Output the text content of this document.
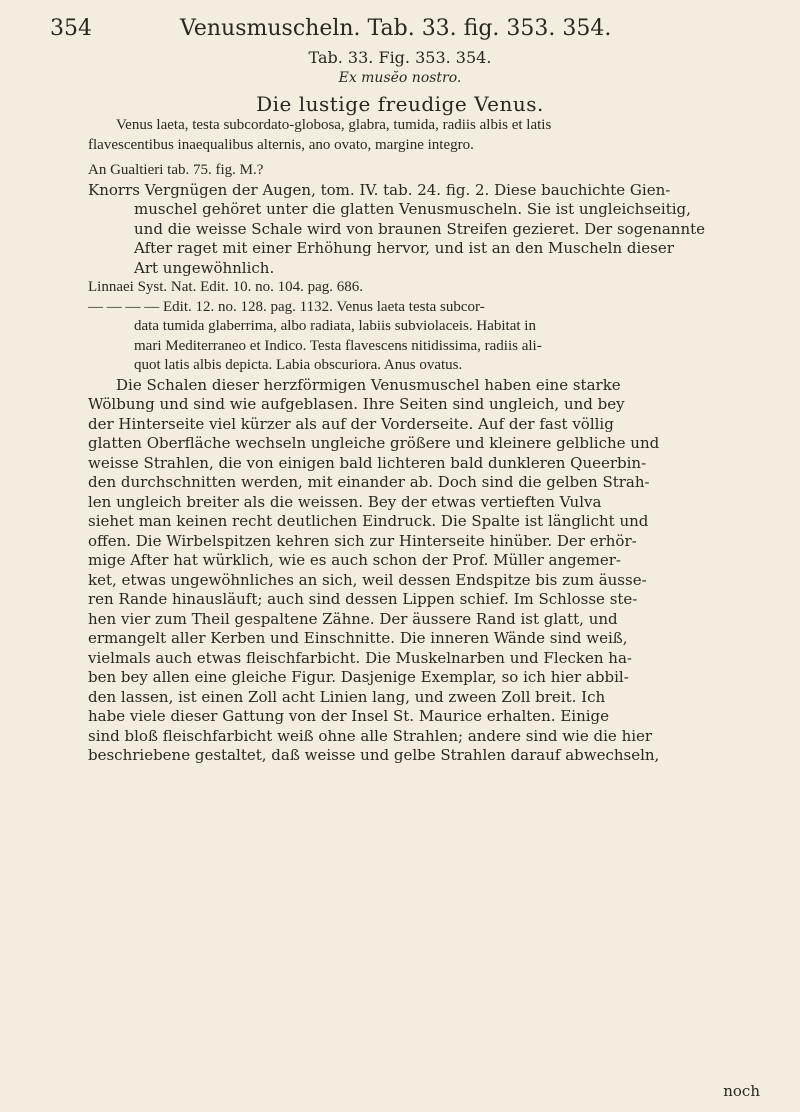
354	Venusmuscheln. Tab. 33. fig. 353. 354.
Tab. 33. Fig. 353. 354.
Ex musĕo nostro.
Die lustige freudige Venus.
Venus laeta, testa subcordato-globosa, glabra, tumida, radiis albis et latis
flavescentibus inaequalibus alternis, ano ovato, margine integro.
An Gualtieri tab. 75. fig. M.?
Knorrs Vergnügen der Augen, tom. IV. tab. 24. fig. 2. Diese bauchichte Gien-
muschel gehöret unter die glatten Venusmuscheln. Sie ist ungleichseitig,
und die weisse Schale wird von braunen Streifen gezieret. Der sogenannte
After raget mit einer Erhöhung hervor, und ist an den Muscheln dieser
Art ungewöhnlich.
Linnaei Syst. Nat. Edit. 10. no. 104. pag. 686.
— — — — Edit. 12. no. 128. pag. 1132. Venus laeta testa subcor-
data tumida glaberrima, albo radiata, labiis subviolaceis. Habitat in
mari Mediterraneo et Indico. Testa flavescens nitidissima, radiis ali-
quot latis albis depicta. Labia obscuriora. Anus ovatus.
Die Schalen dieser herzförmigen Venusmuschel haben eine starke
Wölbung und sind wie aufgeblasen. Ihre Seiten sind ungleich, und bey
der Hinterseite viel kürzer als auf der Vorderseite. Auf der fast völlig
glatten Oberfläche wechseln ungleiche größere und kleinere gelbliche und
weisse Strahlen, die von einigen bald lichteren bald dunkleren Queerbin-
den durchschnitten werden, mit einander ab. Doch sind die gelben Strah-
len ungleich breiter als die weissen. Bey der etwas vertieften Vulva
siehet man keinen recht deutlichen Eindruck. Die Spalte ist länglicht und
offen. Die Wirbelspitzen kehren sich zur Hinterseite hinüber. Der erhör-
mige After hat würklich, wie es auch schon der Prof. Müller angemer-
ket, etwas ungewöhnliches an sich, weil dessen Endspitze bis zum äusse-
ren Rande hinausläuft; auch sind dessen Lippen schief. Im Schlosse ste-
hen vier zum Theil gespaltene Zähne. Der äussere Rand ist glatt, und
ermangelt aller Kerben und Einschnitte. Die inneren Wände sind weiß,
vielmals auch etwas fleischfarbicht. Die Muskelnarben und Flecken ha-
ben bey allen eine gleiche Figur. Dasjenige Exemplar, so ich hier abbil-
den lassen, ist einen Zoll acht Linien lang, und zween Zoll breit. Ich
habe viele dieser Gattung von der Insel St. Maurice erhalten. Einige
sind bloß fleischfarbicht weiß ohne alle Strahlen; andere sind wie die hier
beschriebene gestaltet, daß weisse und gelbe Strahlen darauf abwechseln,
noch
